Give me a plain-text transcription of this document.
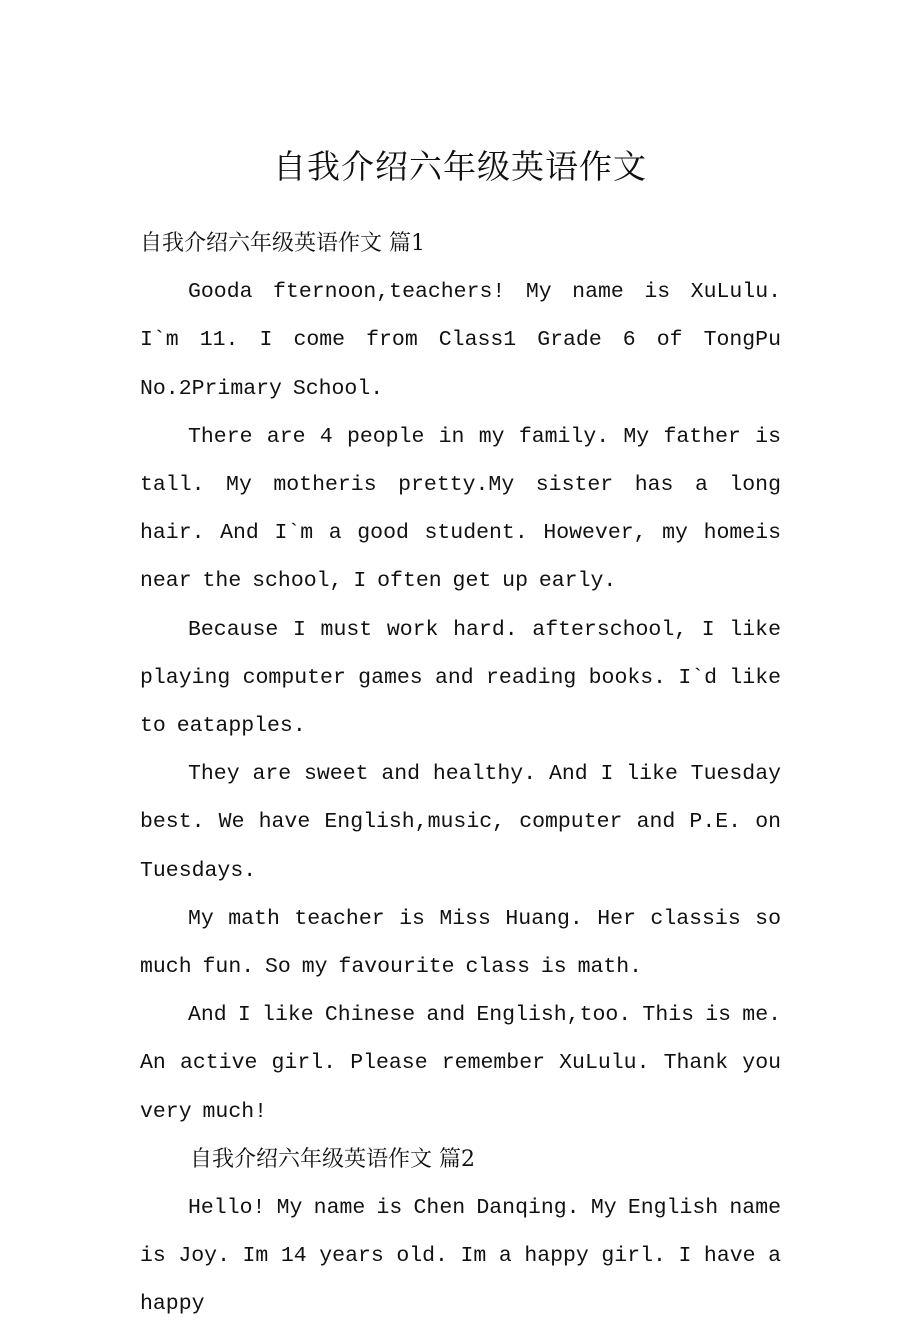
自我介绍六年级英语作文
自我介绍六年级英语作文 篇1

Gooda fternoon,teachers! My name is XuLulu. I`m 11. I come from Class1 Grade 6 of TongPu No.2Primary School.

There are 4 people in my family. My father is tall. My motheris pretty.My sister has a long hair. And I`m a good student. However, my homeis near the school, I often get up early.

Because I must work hard. afterschool, I like playing computer games and reading books. I`d like to eatapples.

They are sweet and healthy. And I like Tuesday best. We have English,music, computer and P.E. on Tuesdays.

My math teacher is Miss Huang. Her classis so much fun. So my favourite class is math.

And I like Chinese and English,too. This is me. An active girl. Please remember XuLulu. Thank you very much!

自我介绍六年级英语作文 篇2

Hello! My name is Chen Danqing. My English name is Joy. Im 14 years old. Im a happy girl. I have a happy
